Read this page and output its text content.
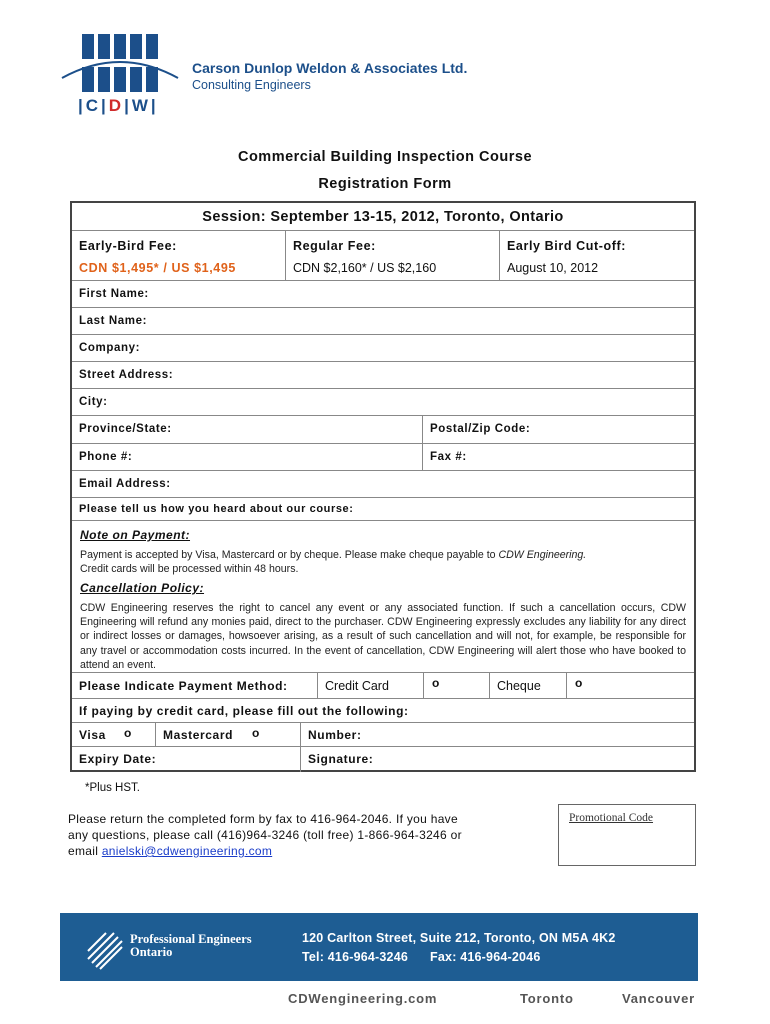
|C|D|W|
Carson Dunlop Weldon & Associates Ltd.
Consulting Engineers
Commercial Building Inspection Course
Registration Form
Session: September 13-15, 2012, Toronto, Ontario
Early-Bird Fee:
CDN $1,495* / US $1,495
Regular Fee:
CDN $2,160* / US $2,160
Early Bird Cut-off:
August 10, 2012
First Name:
Last Name:
Company:
Street Address:
City:
Province/State:	Postal/Zip Code:
Phone #:	Fax #:
Email Address:
Please tell us how you heard about our course:
Note on Payment:
Payment is accepted by Visa, Mastercard or by cheque. Please make cheque payable to CDW Engineering.
Credit cards will be processed within 48 hours.
Cancellation Policy:
CDW Engineering reserves the right to cancel any event or any associated function. If such a cancellation occurs, CDW Engineering will refund any monies paid, direct to the purchaser. CDW Engineering expressly excludes any liability for any direct or indirect losses or damages, howsoever arising, as a result of such cancellation and will not, for example, be responsible for any travel or accommodation costs incurred. In the event of cancellation, CDW Engineering will alert those who have booked to attend an event.
Please Indicate Payment Method:	Credit Card	o	Cheque	o
If paying by credit card, please fill out the following:
Visa o	Mastercard o	Number:
Expiry Date:	Signature:
*Plus HST.
Please return the completed form by fax to 416-964-2046. If you have
any questions, please call (416)964-3246 (toll free) 1-866-964-3246 or
email anielski@cdwengineering.com
Promotional Code
Professional Engineers
Ontario
120 Carlton Street, Suite 212, Toronto, ON M5A 4K2
Tel: 416-964-3246      Fax: 416-964-2046
CDWengineering.com	Toronto	Vancouver
